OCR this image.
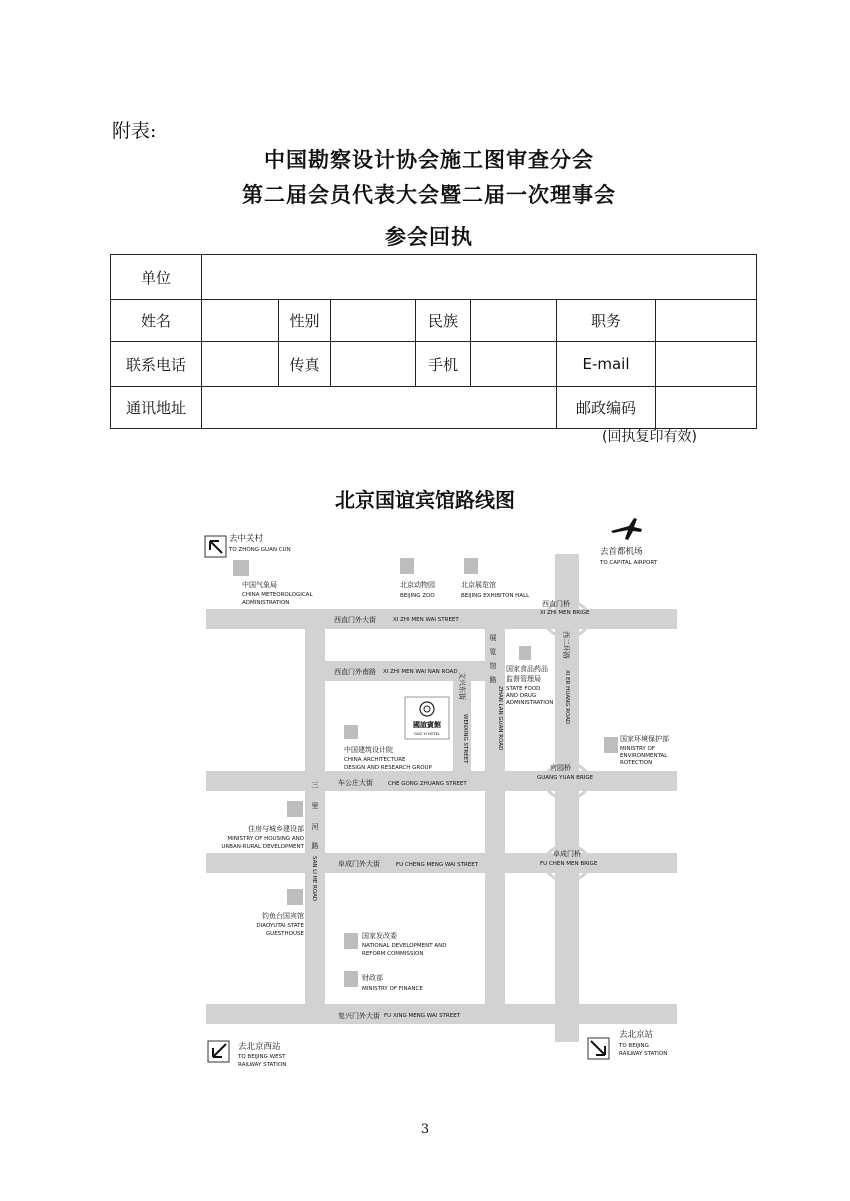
附表:
中国勘察设计协会施工图审查分会
第二届会员代表大会暨二届一次理事会
参会回执
单位							
姓名		性别		民族		职务	
联系电话		传真		手机		E-mail	
通讯地址						邮政编码	
(回执复印有效)
北京国谊宾馆路线图
國誼賓館
GUO YI HOTEL
去中关村
TO ZHONG GUAN CUN	去首都机场
TO CAPITAL AIRPORT
去北京西站
TO BEIJING WEST
RAILWAY STATION
去北京站
TO BEIJING
RAILWAY STATION
中国气象局
CHINA METEOROLOGICAL
ADMINISTRATION
北京动物园
BEIJING ZOO
北京展览馆
BEIJING EXHIBITON HALL
国家食品药品
监督管理局
STATE FOOD
AND DRUG
ADMINISTRATION
中国建筑设计院
CHINA ARCHITECTURE
DESIGN AND RESEARCH GROUP
国家环境保护部
MINISTRY OF
ENVIRONMENTAL
ROTECTION
住房与城乡建设部
MINISTRY OF HOUSING AND
URBAN-RURAL DEVELOPMENT
钓鱼台国宾馆
DIAOYUTAI STATE
GUESTHOUSE	国家发改委
NATIONAL DEVELOPMENT AND
REFORM COMMISSION
财政部
MINISTRY OF FINANCE
西直门桥
XI ZHI MEN BRIGE
西直门外大街	XI ZHI MEN WAI STREET
西直门外南路 XI ZHI MEN WAI NAN ROAD
展
览
馆
路
ZHAN LAN GUAN ROAD
文兴东街
WENXING STREET
西二环路
XI ER HUANG ROAD
官园桥
GUANG YUAN BRIGE
车公庄大街	CHE GONG ZHUANG STREET
三
里
河
路
SAN LI HE ROAD	阜成门外大街	FU CHENG MENG WAI STREET
阜成门桥
FU CHEN MEN BRIGE
复兴门外大街 FU XING MENG WAI STREET
3
